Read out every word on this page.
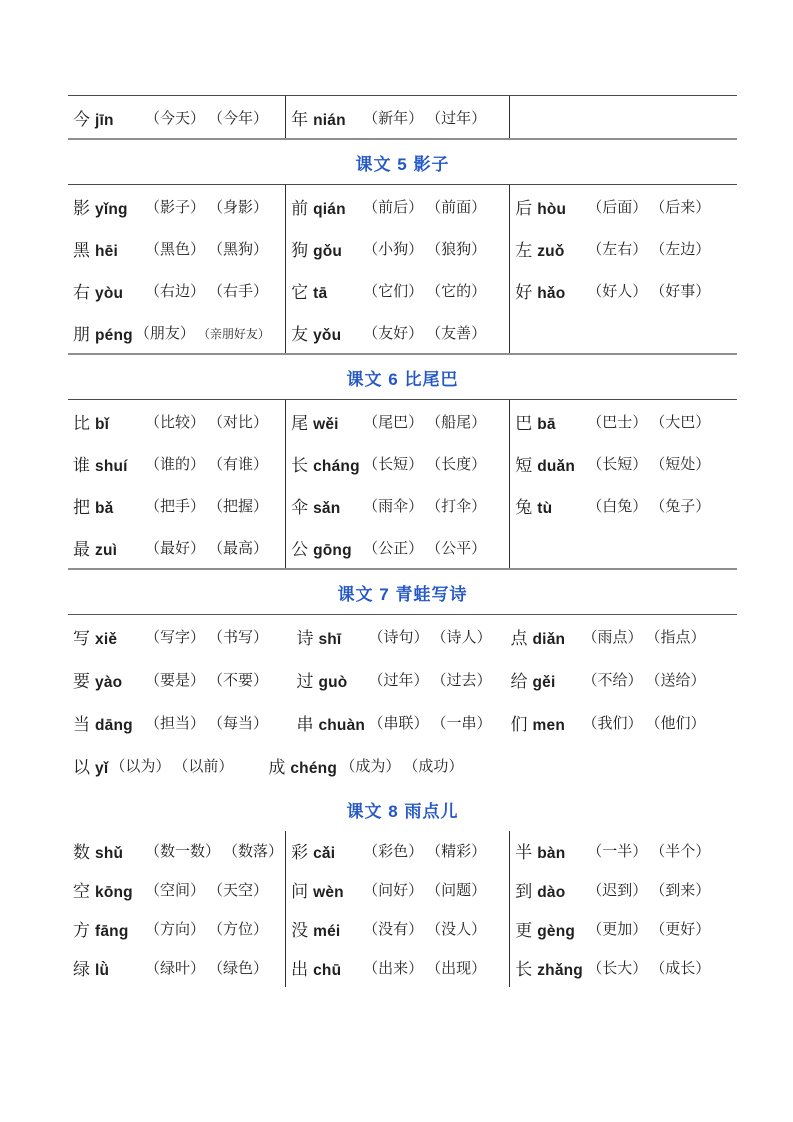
今 jīn （今天） （今年） 年 nián （新年） （过年）
课文 5 影子
影 yǐng （影子） （身影） 前 qián （前后） （前面） 后 hòu （后面） （后来）
黑 hēi （黑色） （黑狗） 狗 gǒu （小狗） （狼狗） 左 zuǒ （左右） （左边）
右 yòu （右边） （右手） 它 tā （它们） （它的） 好 hǎo （好人） （好事）
朋 péng （朋友） （亲朋好友） 友 yǒu （友好） （友善）
课文 6 比尾巴
比 bǐ （比较） （对比） 尾 wěi （尾巴） （船尾） 巴 bā （巴士） （大巴）
谁 shuí （谁的） （有谁） 长 cháng （长短） （长度） 短 duǎn （长短） （短处）
把 bǎ （把手） （把握） 伞 sǎn （雨伞） （打伞） 兔 tù （白兔） （兔子）
最 zuì （最好） （最高） 公 gōng （公正） （公平）
课文 7 青蛙写诗
写 xiě （写字） （书写） 诗 shī （诗句） （诗人） 点 diǎn （雨点） （指点）
要 yào （要是） （不要） 过 guò （过年） （过去） 给 gěi （不给） （送给）
当 dāng （担当） （每当） 串 chuàn （串联） （一串） 们 men （我们） （他们）
以 yǐ （以为） （以前） 成 chéng （成为） （成功）
课文 8 雨点儿
数 shǔ （数一数） （数落） 彩 cǎi （彩色） （精彩） 半 bàn （一半） （半个）
空 kōng （空间） （天空） 问 wèn （问好） （问题） 到 dào （迟到） （到来）
方 fāng （方向） （方位） 没 méi （没有） （没人） 更 gèng （更加） （更好）
绿 lǜ （绿叶） （绿色） 出 chū （出来） （出现） 长 zhǎng （长大） （成长）
